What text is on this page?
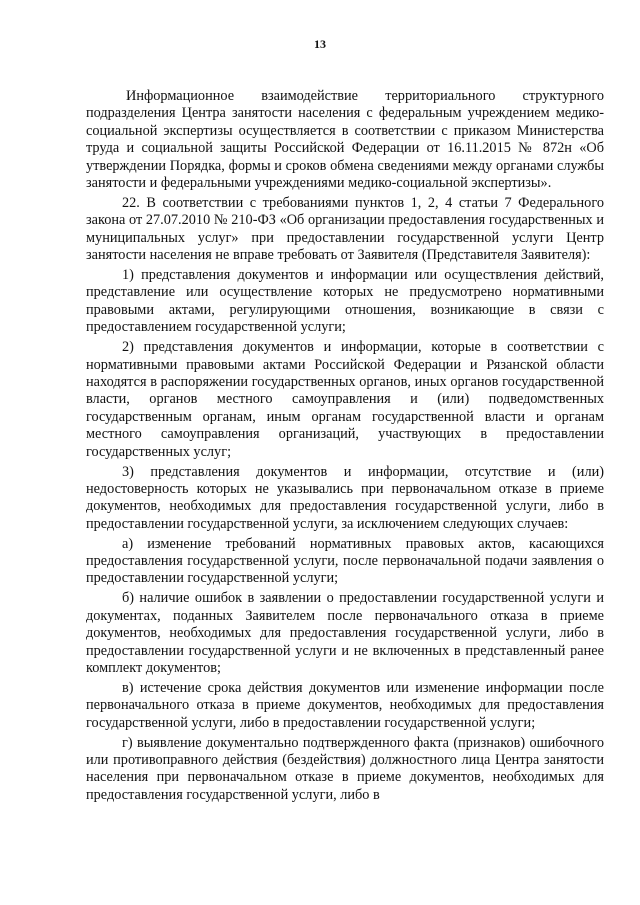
13

Информационное взаимодействие территориального структурного подразделения Центра занятости населения с федеральным учреждением медико-социальной экспертизы осуществляется в соответствии с приказом Министерства труда и социальной защиты Российской Федерации от 16.11.2015 № 872н «Об утверждении Порядка, формы и сроков обмена сведениями между органами службы занятости и федеральными учреждениями медико-социальной экспертизы».

22. В соответствии с требованиями пунктов 1, 2, 4 статьи 7 Федерального закона от 27.07.2010 № 210-ФЗ «Об организации предоставления государственных и муниципальных услуг» при предоставлении государственной услуги Центр занятости населения не вправе требовать от Заявителя (Представителя Заявителя):

1) представления документов и информации или осуществления действий, представление или осуществление которых не предусмотрено нормативными правовыми актами, регулирующими отношения, возникающие в связи с предоставлением государственной услуги;

2) представления документов и информации, которые в соответствии с нормативными правовыми актами Российской Федерации и Рязанской области находятся в распоряжении государственных органов, иных органов государственной власти, органов местного самоуправления и (или) подведомственных государственным органам, иным органам государственной власти и органам местного самоуправления организаций, участвующих в предоставлении государственных услуг;

3) представления документов и информации, отсутствие и (или) недостоверность которых не указывались при первоначальном отказе в приеме документов, необходимых для предоставления государственной услуги, либо в предоставлении государственной услуги, за исключением следующих случаев:

а) изменение требований нормативных правовых актов, касающихся предоставления государственной услуги, после первоначальной подачи заявления о предоставлении государственной услуги;

б) наличие ошибок в заявлении о предоставлении государственной услуги и документах, поданных Заявителем после первоначального отказа в приеме документов, необходимых для предоставления государственной услуги, либо в предоставлении государственной услуги и не включенных в представленный ранее комплект документов;

в) истечение срока действия документов или изменение информации после первоначального отказа в приеме документов, необходимых для предоставления государственной услуги, либо в предоставлении государственной услуги;

г) выявление документально подтвержденного факта (признаков) ошибочного или противоправного действия (бездействия) должностного лица Центра занятости населения при первоначальном отказе в приеме документов, необходимых для предоставления государственной услуги, либо в
